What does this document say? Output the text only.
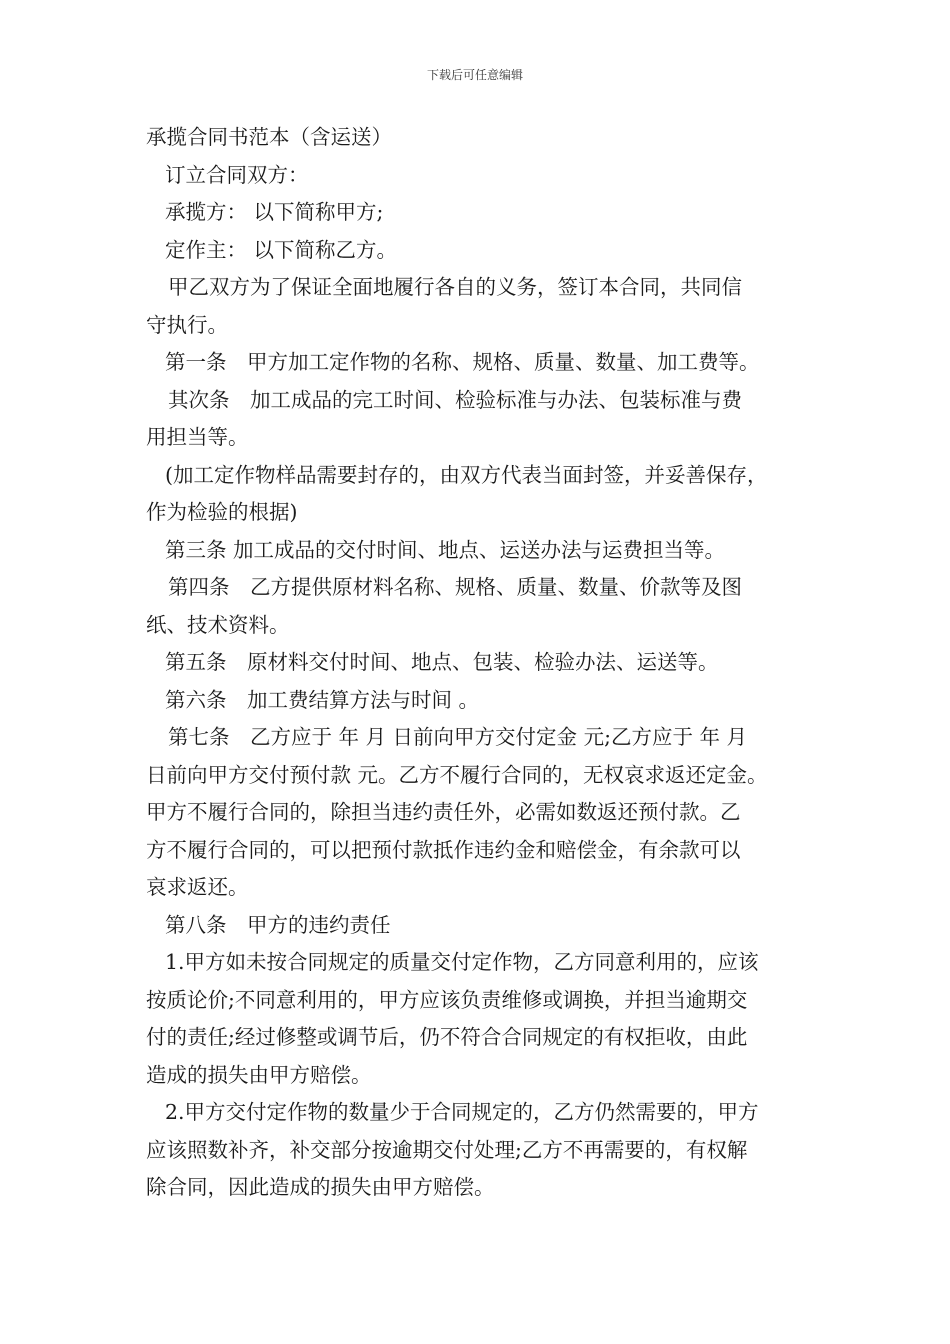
下载后可任意编辑
承揽合同书范本（含运送）
订立合同双方：
承揽方： 以下简称甲方;
定作主： 以下简称乙方。
甲乙双方为了保证全面地履行各自的义务，签订本合同，共同信
守执行。
第一条　甲方加工定作物的名称、规格、质量、数量、加工费等。
其次条　加工成品的完工时间、检验标准与办法、包装标准与费
用担当等。
(加工定作物样品需要封存的，由双方代表当面封签，并妥善保存，
作为检验的根据)
第三条 加工成品的交付时间、地点、运送办法与运费担当等。
第四条　乙方提供原材料名称、规格、质量、数量、价款等及图
纸、技术资料。
第五条　原材料交付时间、地点、包装、检验办法、运送等。
第六条　加工费结算方法与时间 。
第七条　乙方应于 年 月 日前向甲方交付定金 元;乙方应于 年 月
日前向甲方交付预付款 元。乙方不履行合同的，无权哀求返还定金。
甲方不履行合同的，除担当违约责任外，必需如数返还预付款。乙
方不履行合同的，可以把预付款抵作违约金和赔偿金，有余款可以
哀求返还。
第八条　甲方的违约责任
1.甲方如未按合同规定的质量交付定作物，乙方同意利用的，应该
按质论价;不同意利用的，甲方应该负责维修或调换，并担当逾期交
付的责任;经过修整或调节后，仍不符合合同规定的有权拒收，由此
造成的损失由甲方赔偿。
2.甲方交付定作物的数量少于合同规定的，乙方仍然需要的，甲方
应该照数补齐，补交部分按逾期交付处理;乙方不再需要的，有权解
除合同，因此造成的损失由甲方赔偿。
